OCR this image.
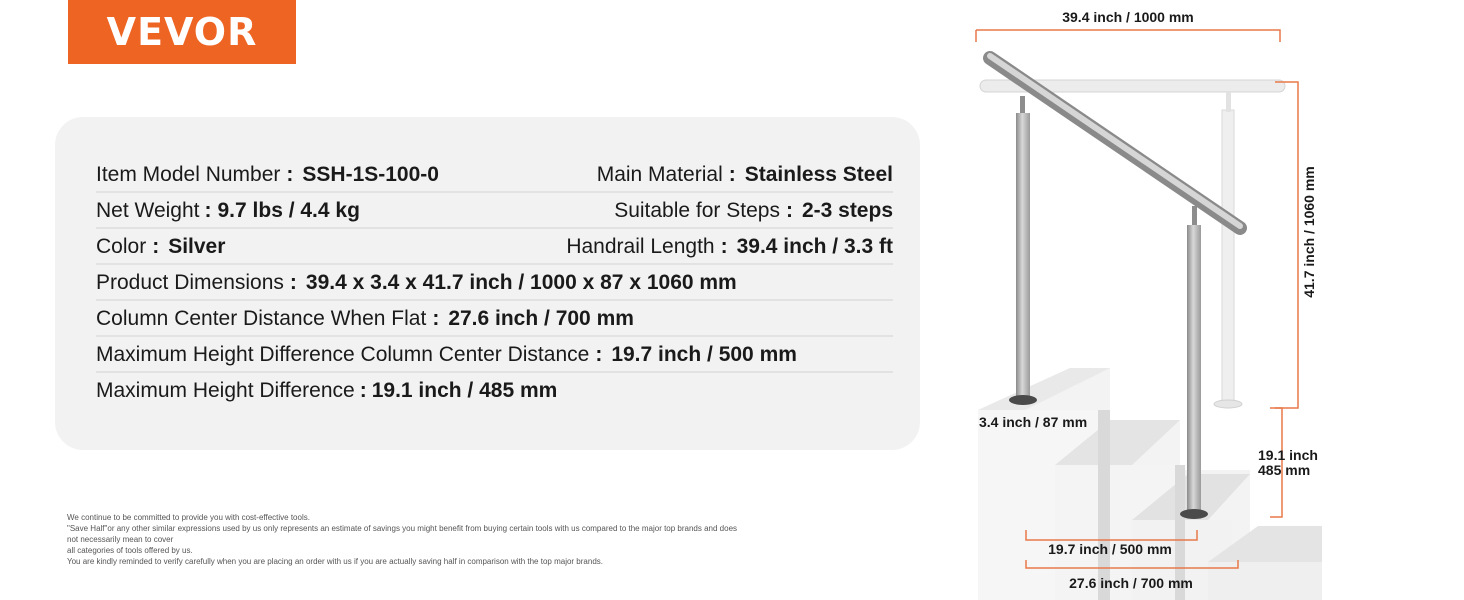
VEVOR
Item Model Number : SSH-1S-100-0	Main Material : Stainless Steel
Net Weight : 9.7 lbs / 4.4 kg	Suitable for Steps : 2-3 steps
Color : Silver	Handrail Length : 39.4 inch / 3.3 ft
Product Dimensions : 39.4 x 3.4 x 41.7 inch / 1000 x 87 x 1060 mm
Column Center Distance When Flat : 27.6 inch / 700 mm
Maximum Height Difference Column Center Distance : 19.7 inch / 500 mm
Maximum Height Difference : 19.1 inch / 485 mm
We continue to be committed to provide you with cost-effective tools.
"Save Half"or any other similar expressions used by us only represents an estimate of savings you might benefit from buying certain tools with us compared to the major top brands and does
not necessarily mean to cover
all categories of tools offered by us.
You are kindly reminded to verify carefully when you are placing an order with us if you are actually saving half in comparison with the top major brands.
39.4 inch / 1000 mm
41.7 inch / 1060 mm
3.4 inch / 87 mm
19.1 inch
485 mm
19.7 inch / 500 mm
27.6 inch / 700 mm
